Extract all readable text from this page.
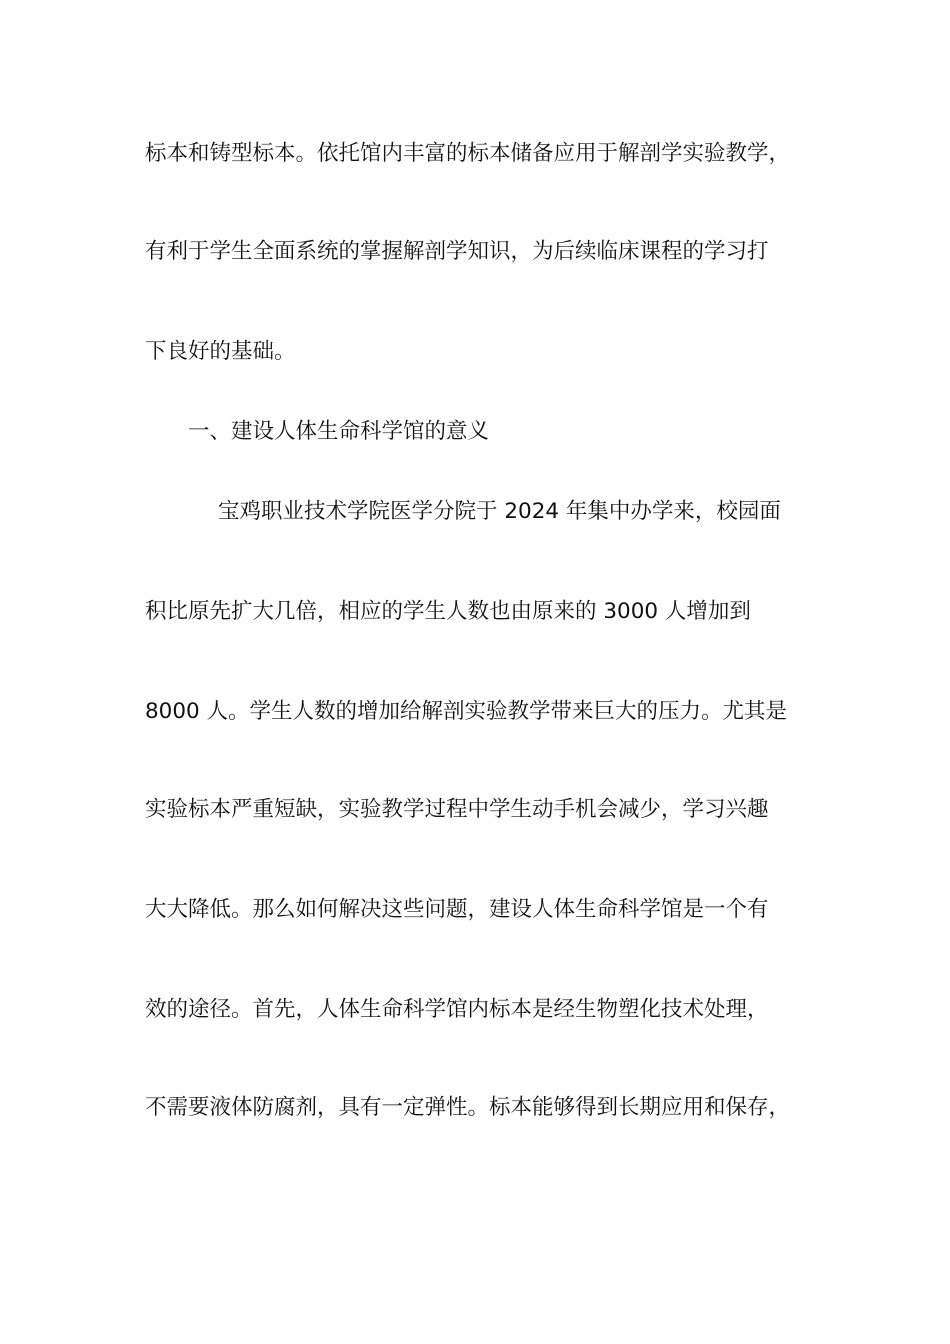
标本和铸型标本。依托馆内丰富的标本储备应用于解剖学实验教学，
有利于学生全面系统的掌握解剖学知识，为后续临床课程的学习打
下良好的基础。
一、建设人体生命科学馆的意义
宝鸡职业技术学院医学分院于 2024 年集中办学来，校园面
积比原先扩大几倍，相应的学生人数也由原来的 3000 人增加到
8000 人。学生人数的增加给解剖实验教学带来巨大的压力。尤其是
实验标本严重短缺，实验教学过程中学生动手机会减少，学习兴趣
大大降低。那么如何解决这些问题，建设人体生命科学馆是一个有
效的途径。首先，人体生命科学馆内标本是经生物塑化技术处理，
不需要液体防腐剂，具有一定弹性。标本能够得到长期应用和保存，
